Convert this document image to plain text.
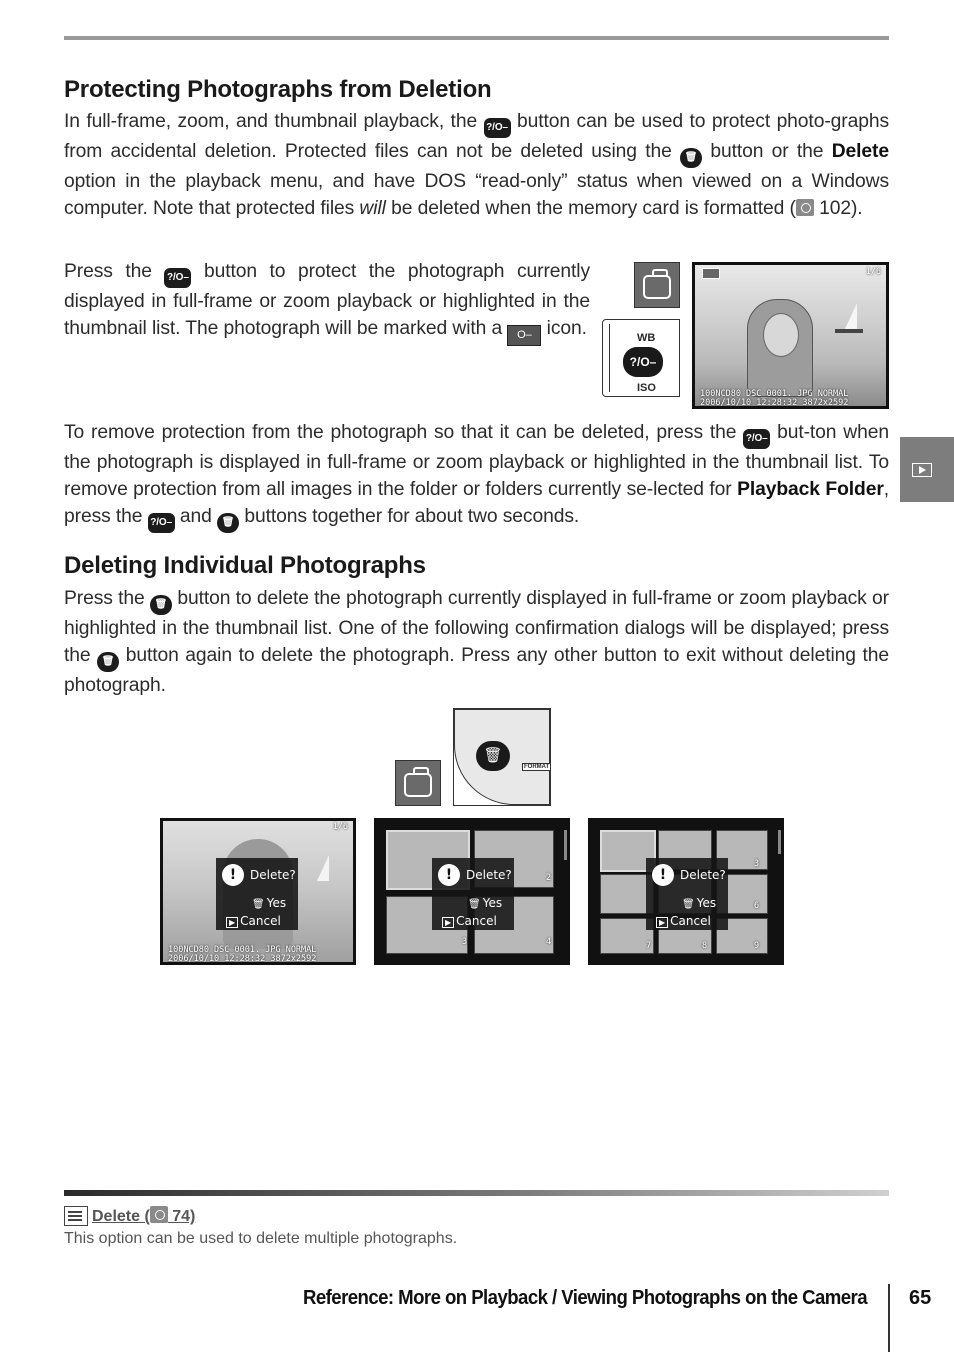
Protecting Photographs from Deletion

In full-frame, zoom, and thumbnail playback, the ?/O– button can be used to protect photo-graphs from accidental deletion. Protected files can not be deleted using the 🗑 button or the Delete option in the playback menu, and have DOS “read-only” status when viewed on a Windows computer. Note that protected files will be deleted when the memory card is formatted ( 102).

Press the ?/O– button to protect the photograph currently displayed in full-frame or zoom playback or highlighted in the thumbnail list. The photograph will be marked with a O– icon.	WB
?/O–
ISO
1/6
100NCD80 DSC_0001. JPG NORMAL
2006/10/10 12:28:32 3872x2592

To remove protection from the photograph so that it can be deleted, press the ?/O– but-ton when the photograph is displayed in full-frame or zoom playback or highlighted in the thumbnail list. To remove protection from all images in the folder or folders currently se-lected for Playback Folder, press the ?/O– and 🗑 buttons together for about two seconds.

Deleting Individual Photographs

Press the 🗑 button to delete the photograph currently displayed in full-frame or zoom playback or highlighted in the thumbnail list. One of the following confirmation dialogs will be displayed; press the 🗑 button again to delete the photograph. Press any other button to exit without deleting the photograph.

🗑
FORMAT
1/6
!	Delete?
🗑 Yes
▶ Cancel
100NCD80 DSC_0001. JPG NORMAL
2006/10/10 12:28:32 3872x2592
2
3	4
!	Delete?
🗑 Yes
▶ Cancel
3
6
7	8	9
!	Delete?
🗑 Yes
▶ Cancel
Delete ( 74)
This option can be used to delete multiple photographs.
Reference: More on Playback / Viewing Photographs on the Camera 65
